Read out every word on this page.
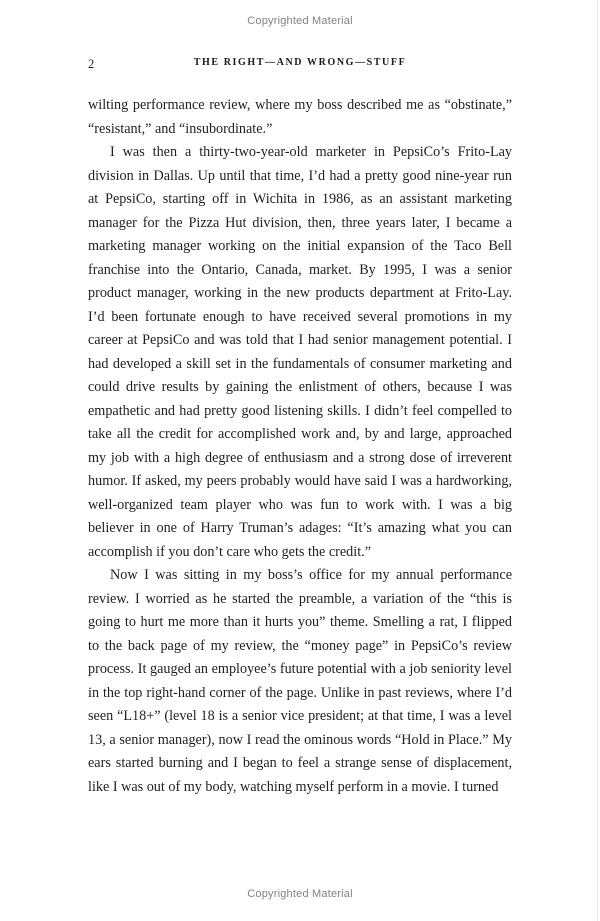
Copyrighted Material
2	THE RIGHT—AND WRONG—STUFF

wilting performance review, where my boss described me as “obstinate,” “resistant,” and “insubordinate.”

I was then a thirty-two-year-old marketer in PepsiCo’s Frito-Lay division in Dallas. Up until that time, I’d had a pretty good nine-year run at PepsiCo, starting off in Wichita in 1986, as an assistant marketing manager for the Pizza Hut division, then, three years later, I became a marketing manager working on the initial expansion of the Taco Bell franchise into the Ontario, Canada, market. By 1995, I was a senior product manager, working in the new products department at Frito-Lay. I’d been fortunate enough to have received several promotions in my career at PepsiCo and was told that I had senior management potential. I had developed a skill set in the fundamentals of consumer marketing and could drive results by gaining the enlistment of others, because I was empathetic and had pretty good listening skills. I didn’t feel compelled to take all the credit for accomplished work and, by and large, approached my job with a high degree of enthusiasm and a strong dose of irreverent humor. If asked, my peers probably would have said I was a hardworking, well-organized team player who was fun to work with. I was a big believer in one of Harry Truman’s adages: “It’s amazing what you can accomplish if you don’t care who gets the credit.”

Now I was sitting in my boss’s office for my annual performance review. I worried as he started the preamble, a variation of the “this is going to hurt me more than it hurts you” theme. Smelling a rat, I flipped to the back page of my review, the “money page” in PepsiCo’s review process. It gauged an employee’s future potential with a job seniority level in the top right-hand corner of the page. Unlike in past reviews, where I’d seen “L18+” (level 18 is a senior vice president; at that time, I was a level 13, a senior manager), now I read the ominous words “Hold in Place.” My ears started burning and I began to feel a strange sense of displacement, like I was out of my body, watching myself perform in a movie. I turned

Copyrighted Material
